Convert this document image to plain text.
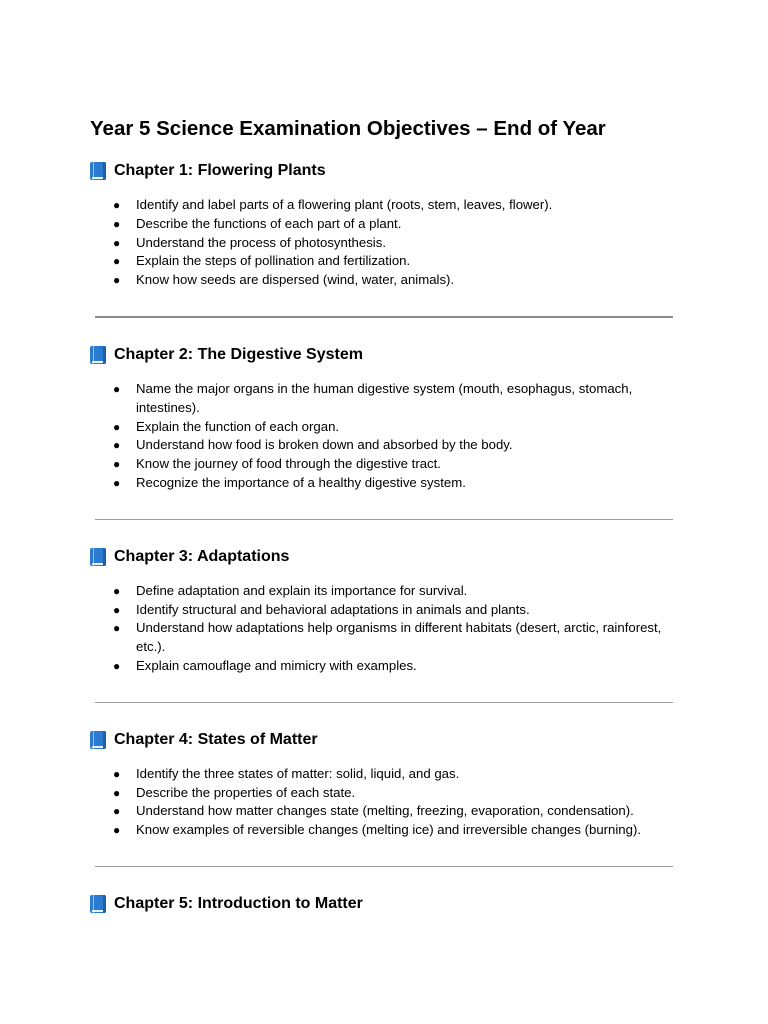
Year 5 Science Examination Objectives – End of Year
Chapter 1: Flowering Plants
● Identify and label parts of a flowering plant (roots, stem, leaves, flower).
● Describe the functions of each part of a plant.
● Understand the process of photosynthesis.
● Explain the steps of pollination and fertilization.
● Know how seeds are dispersed (wind, water, animals).
Chapter 2: The Digestive System
● Name the major organs in the human digestive system (mouth, esophagus, stomach, intestines).
● Explain the function of each organ.
● Understand how food is broken down and absorbed by the body.
● Know the journey of food through the digestive tract.
● Recognize the importance of a healthy digestive system.
Chapter 3: Adaptations
● Define adaptation and explain its importance for survival.
● Identify structural and behavioral adaptations in animals and plants.
● Understand how adaptations help organisms in different habitats (desert, arctic, rainforest, etc.).
● Explain camouflage and mimicry with examples.
Chapter 4: States of Matter
● Identify the three states of matter: solid, liquid, and gas.
● Describe the properties of each state.
● Understand how matter changes state (melting, freezing, evaporation, condensation).
● Know examples of reversible changes (melting ice) and irreversible changes (burning).
Chapter 5: Introduction to Matter
